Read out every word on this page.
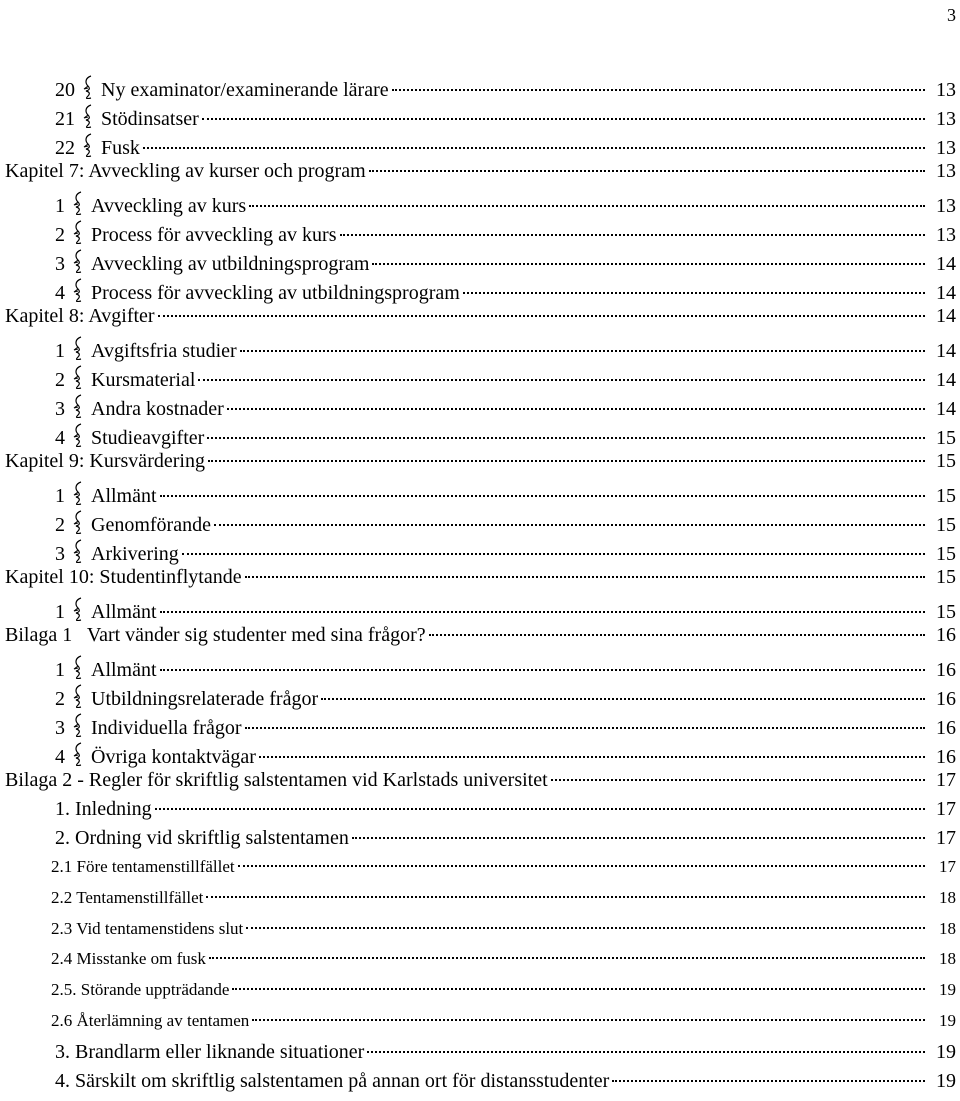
3
20 Ny examinator/examinerande lärare	13
21 Stödinsatser	13
22 Fusk	13
Kapitel 7: Avveckling av kurser och program	13
1 Avveckling av kurs	13
2 Process för avveckling av kurs	13
3 Avveckling av utbildningsprogram	14
4 Process för avveckling av utbildningsprogram	14
Kapitel 8: Avgifter	14
1 Avgiftsfria studier	14
2 Kursmaterial	14
3 Andra kostnader	14
4 Studieavgifter	15
Kapitel 9: Kursvärdering	15
1 Allmänt	15
2 Genomförande	15
3 Arkivering	15
Kapitel 10: Studentinflytande	15
1 Allmänt	15
Bilaga 1   Vart vänder sig studenter med sina frågor?	16
1 Allmänt	16
2 Utbildningsrelaterade frågor	16
3 Individuella frågor	16
4 Övriga kontaktvägar	16
Bilaga 2 - Regler för skriftlig salstentamen vid Karlstads universitet	17
1. Inledning	17
2. Ordning vid skriftlig salstentamen	17
2.1 Före tentamenstillfället	17
2.2 Tentamenstillfället	18
2.3 Vid tentamenstidens slut	18
2.4 Misstanke om fusk	18
2.5. Störande uppträdande	19
2.6 Återlämning av tentamen	19
3. Brandlarm eller liknande situationer	19
4. Särskilt om skriftlig salstentamen på annan ort för distansstudenter	19
